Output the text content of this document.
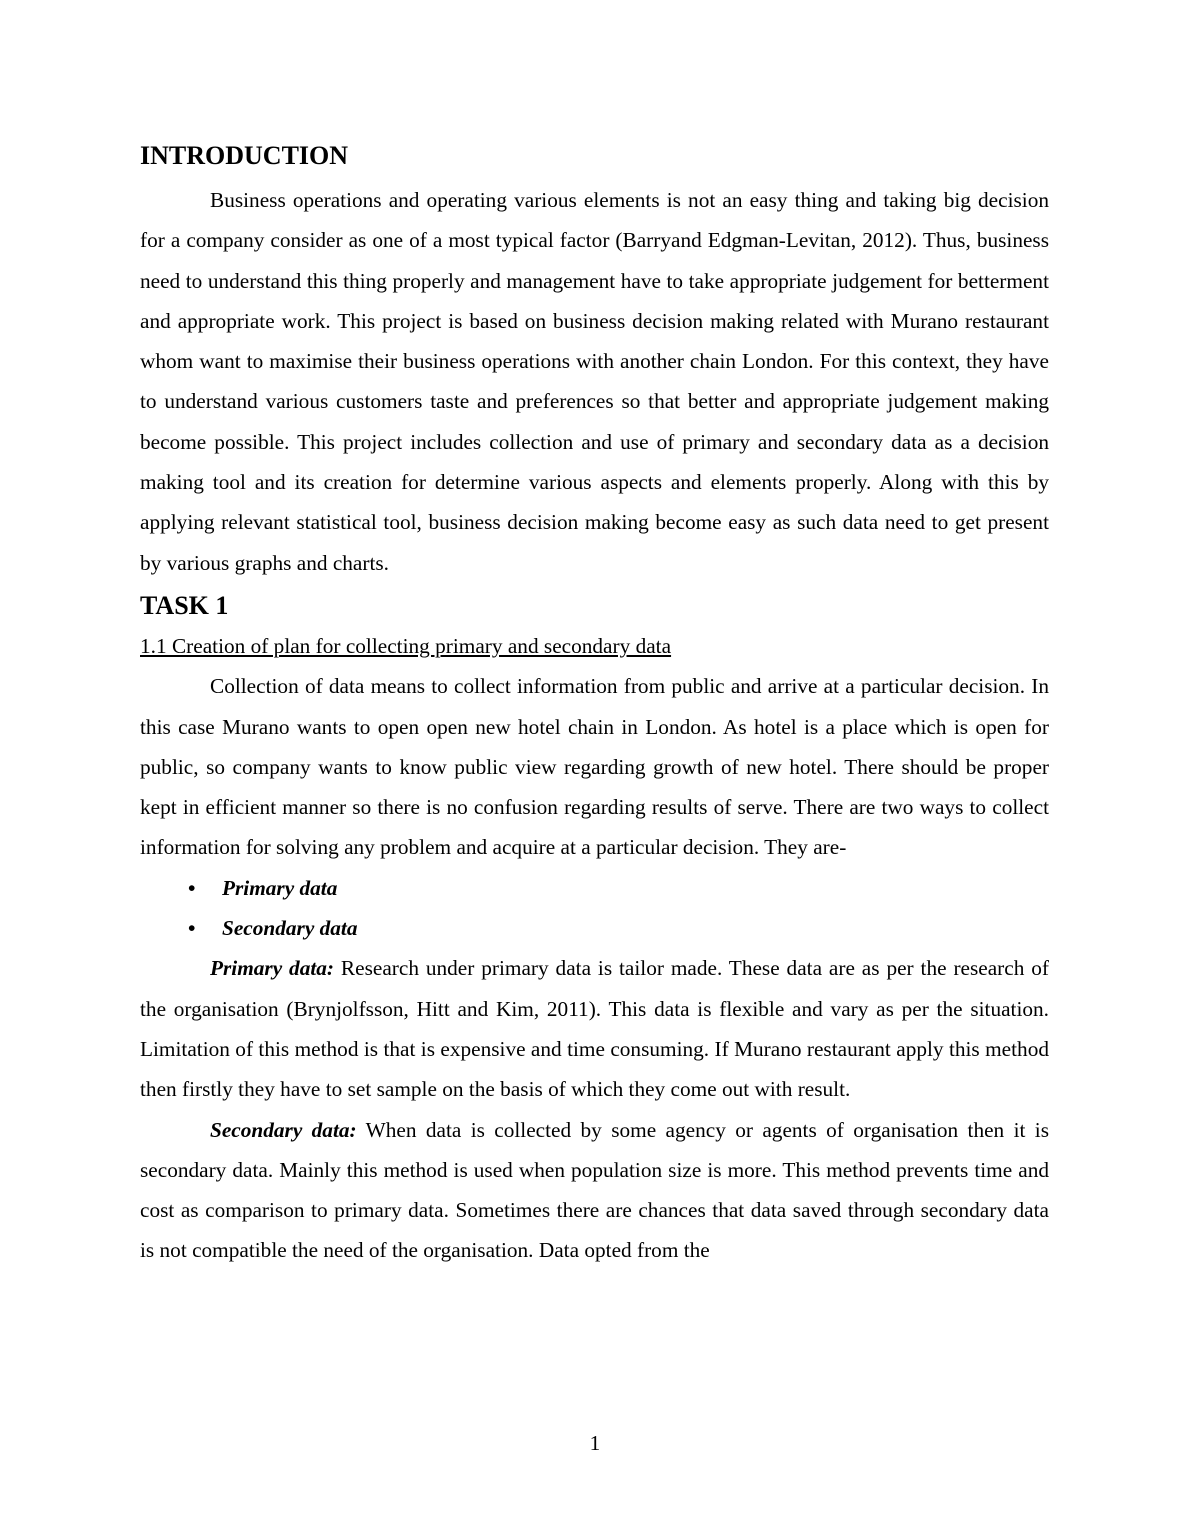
INTRODUCTION

Business operations and operating various elements is not an easy thing and taking big decision for a company consider as one of a most typical factor (Barryand Edgman-Levitan, 2012). Thus, business need to understand this thing properly and management have to take appropriate judgement for betterment and appropriate work. This project is based on business decision making related with Murano restaurant whom want to maximise their business operations with another chain London. For this context, they have to understand various customers taste and preferences so that better and appropriate judgement making become possible. This project includes collection and use of primary and secondary data as a decision making tool and its creation for determine various aspects and elements properly. Along with this by applying relevant statistical tool, business decision making become easy as such data need to get present by various graphs and charts.

TASK 1

1.1 Creation of plan for collecting primary and secondary data

Collection of data means to collect information from public and arrive at a particular decision. In this case Murano wants to open open new hotel chain in London. As hotel is a place which is open for public, so company wants to know public view regarding growth of new hotel. There should be proper kept in efficient manner so there is no confusion regarding results of serve. There are two ways to collect information for solving any problem and acquire at a particular decision. They are-

• Primary data
• Secondary data

Primary data: Research under primary data is tailor made. These data are as per the research of the organisation (Brynjolfsson, Hitt and Kim, 2011). This data is flexible and vary as per the situation. Limitation of this method is that is expensive and time consuming. If Murano restaurant apply this method then firstly they have to set sample on the basis of which they come out with result.

Secondary data: When data is collected by some agency or agents of organisation then it is secondary data. Mainly this method is used when population size is more. This method prevents time and cost as comparison to primary data. Sometimes there are chances that data saved through secondary data is not compatible the need of the organisation. Data opted from the

1
